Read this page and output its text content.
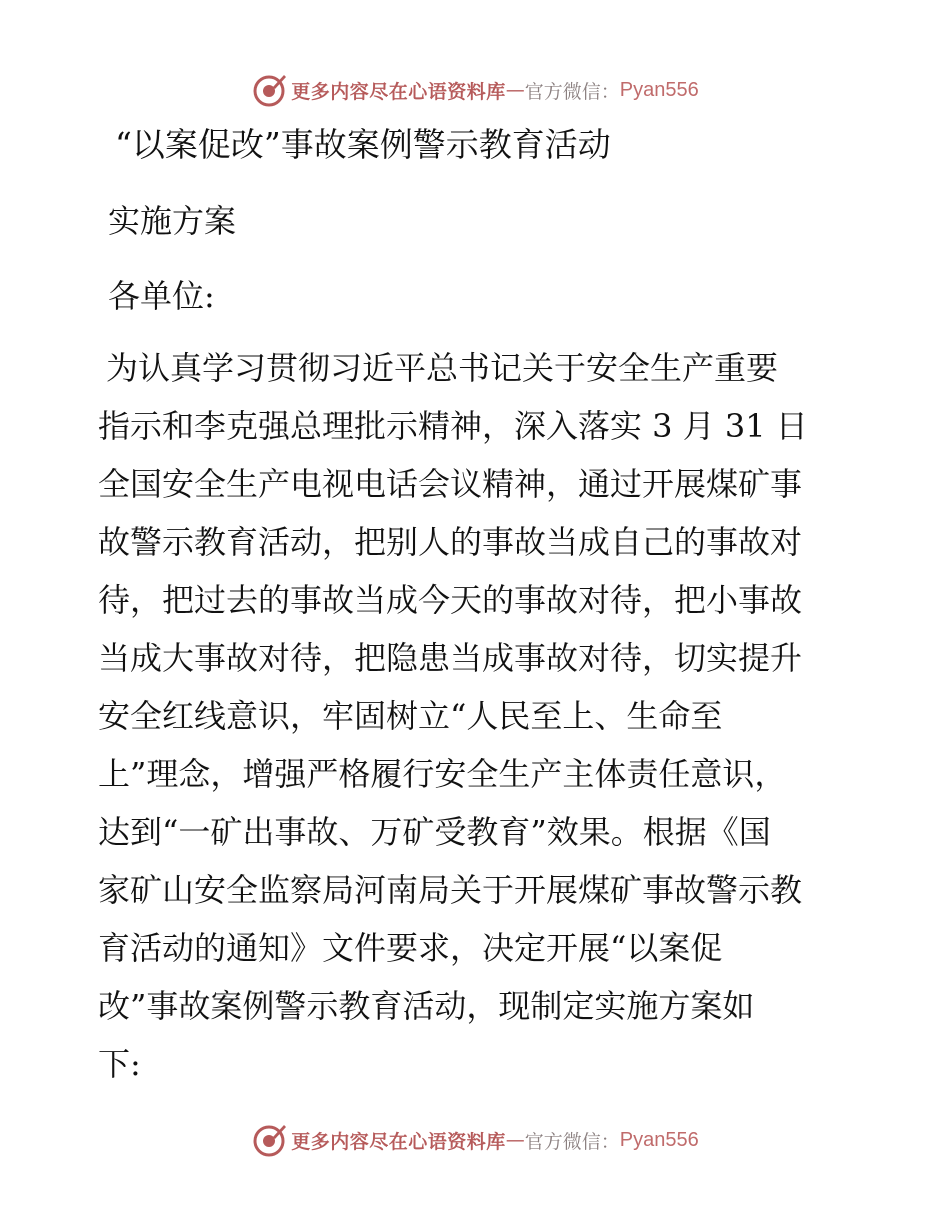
更多内容尽在心语资料库 — 官方微信： Pyan556
“以案促改”事故案例警示教育活动
实施方案
各单位:
为认真学习贯彻习近平总书记关于安全生产重要
指示和李克强总理批示精神，深入落实 3 月 31 日
全国安全生产电视电话会议精神，通过开展煤矿事
故警示教育活动，把别人的事故当成自己的事故对
待，把过去的事故当成今天的事故对待，把小事故
当成大事故对待，把隐患当成事故对待，切实提升
安全红线意识，牢固树立“人民至上、生命至
上”理念，增强严格履行安全生产主体责任意识，
达到“一矿出事故、万矿受教育”效果。根据《国
家矿山安全监察局河南局关于开展煤矿事故警示教
育活动的通知》文件要求，决定开展“以案促
改”事故案例警示教育活动，现制定实施方案如
下:
更多内容尽在心语资料库 — 官方微信： Pyan556
